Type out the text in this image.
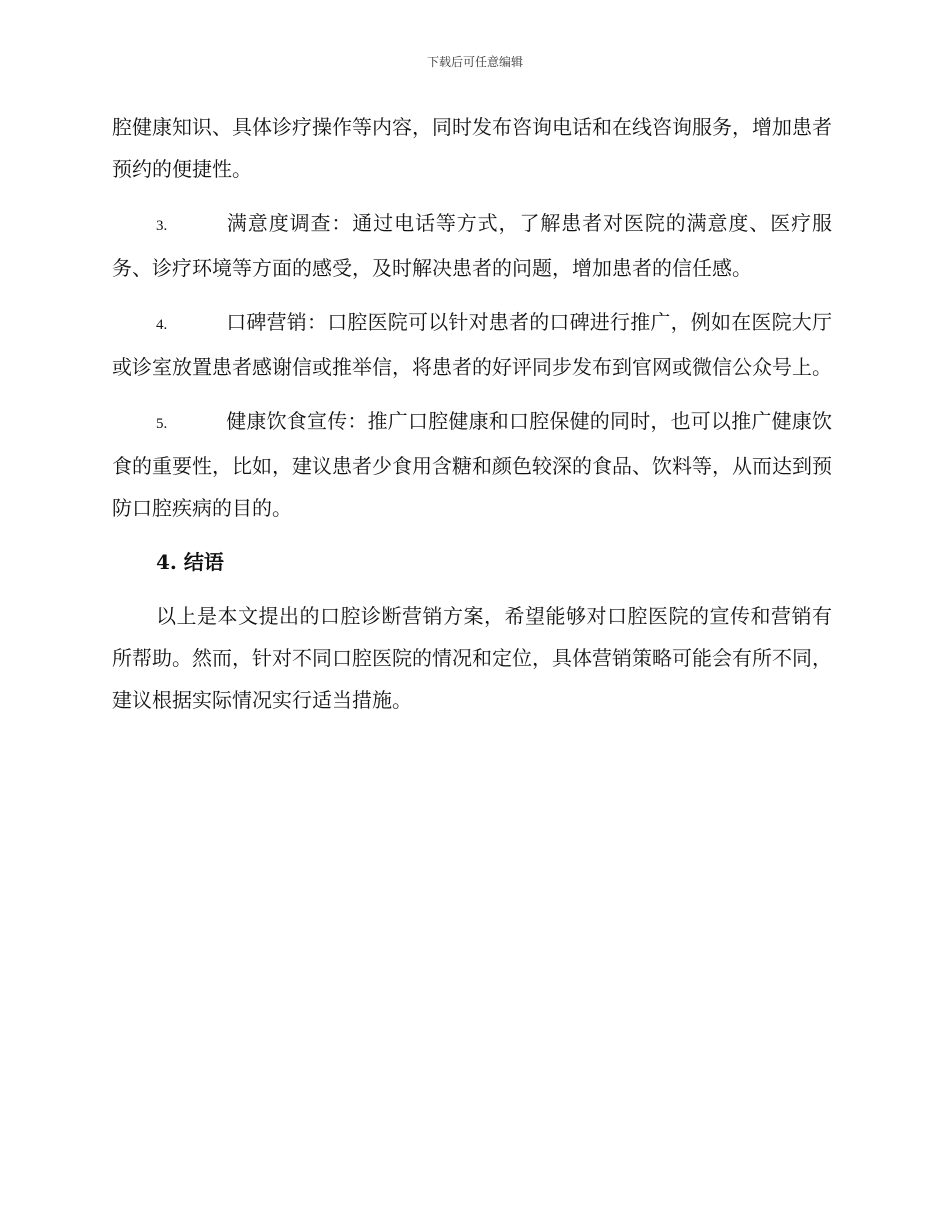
下载后可任意编辑

腔健康知识、具体诊疗操作等内容，同时发布咨询电话和在线咨询服务，增加患者预约的便捷性。

3.	满意度调查：通过电话等方式，了解患者对医院的满意度、医疗服务、诊疗环境等方面的感受，及时解决患者的问题，增加患者的信任感。

4.	口碑营销：口腔医院可以针对患者的口碑进行推广，例如在医院大厅或诊室放置患者感谢信或推举信，将患者的好评同步发布到官网或微信公众号上。

5.	健康饮食宣传：推广口腔健康和口腔保健的同时，也可以推广健康饮食的重要性，比如，建议患者少食用含糖和颜色较深的食品、饮料等，从而达到预防口腔疾病的目的。

4. 结语

以上是本文提出的口腔诊断营销方案，希望能够对口腔医院的宣传和营销有所帮助。然而，针对不同口腔医院的情况和定位，具体营销策略可能会有所不同，建议根据实际情况实行适当措施。
